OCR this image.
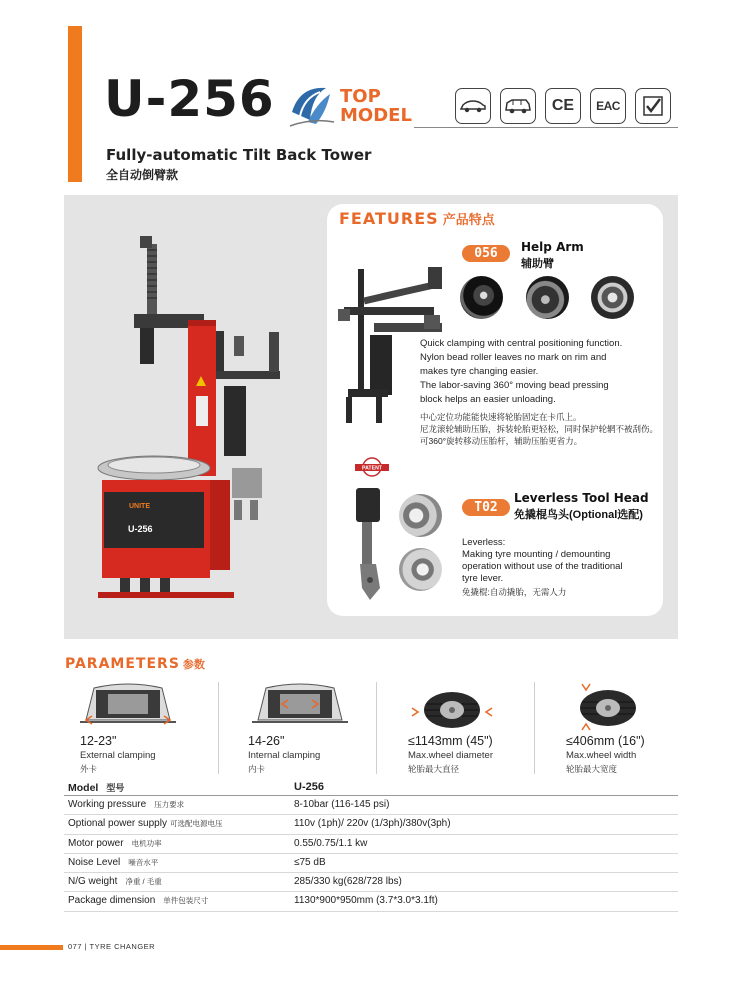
U-256	TOP
MODEL	CE	EAC
Fully-automatic Tilt Back Tower
全自动倒臂款
UNITE
U-256
FEATURES 产品特点
056	Help Arm
辅助臂
Quick clamping with central positioning function.
Nylon bead roller leaves no mark on rim and
makes tyre changing easier.
The labor-saving 360° moving bead pressing
block helps an easier unloading.
中心定位功能能快速将轮胎固定在卡爪上。
尼龙滚轮辅助压胎，拆装轮胎更轻松，同时保护轮辋不被刮伤。
可360°旋转移动压胎杆，辅助压胎更省力。
PATENT
T02
Leverless Tool Head
免撬棍鸟头(Optional选配)
Leverless:
Making tyre mounting / demounting
operation without use of the traditional
tyre lever.
免撬棍:自动撬胎，无需人力
PARAMETERS 参数
12-23"
External clamping
外卡
14-26"
Internal clamping
内卡
≤1143mm (45")
Max.wheel diameter
轮胎最大直径
≤406mm (16")
Max.wheel width
轮胎最大宽度
Model 型号	U-256
Working pressure 压力要求	8-10bar (116-145 psi)
Optional power supply 可选配电源电压	110v (1ph)/ 220v (1/3ph)/380v(3ph)
Motor power 电机功率	0.55/0.75/1.1 kw
Noise Level 噪音水平	≤75 dB
N/G weight 净重 / 毛重	285/330 kg(628/728 lbs)
Package dimension 单件包装尺寸	1130*900*950mm (3.7*3.0*3.1ft)
077 | TYRE CHANGER
